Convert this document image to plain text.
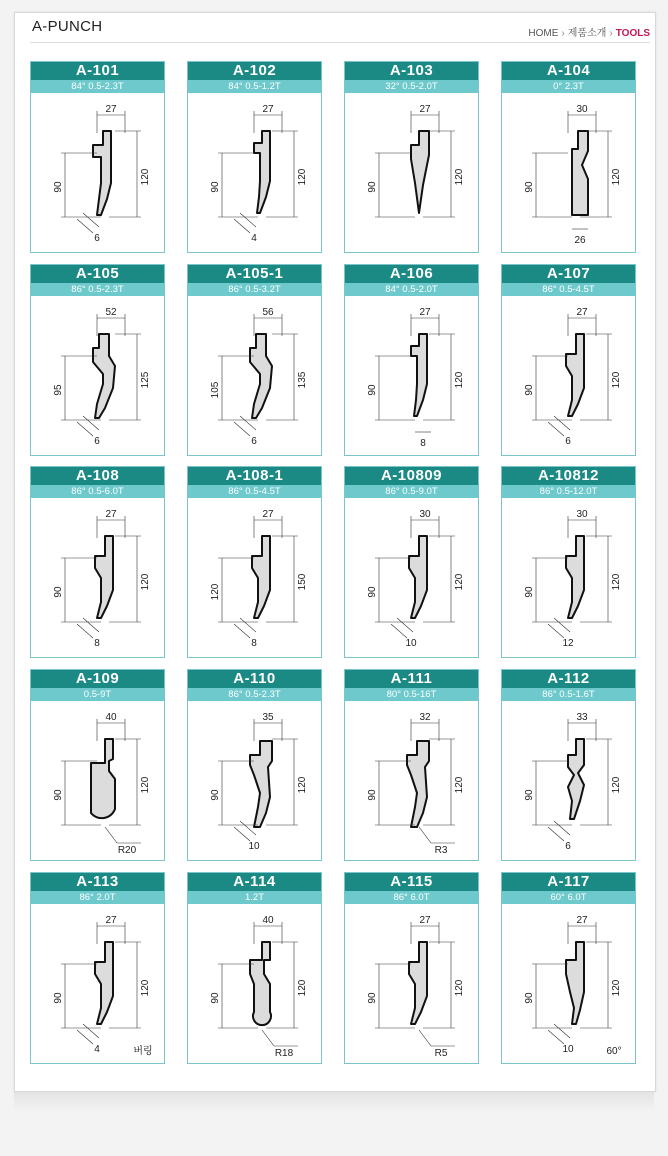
A-PUNCH	HOME › 제품소개 › TOOLS
A-101
84° 0.5-2.3T
27
90
120
6
A-102
84° 0.5-1.2T
27
90
120
4
A-103
32° 0.5-2.0T
27
90
120
A-104
0° 2.3T
30
90
120
26
A-105
86° 0.5-2.3T
52
95
125
6
A-105-1
86° 0.5-3.2T
56
105
135
6
A-106
84° 0.5-2.0T
27
90
120
8
A-107
86° 0.5-4.5T
27
90
120
6
A-108
86° 0.5-6.0T
27
90
120
8
A-108-1
86° 0.5-4.5T
27
120
150
8
A-10809
86° 0.5-9.0T
30
90
120
10
A-10812
86° 0.5-12.0T
30
90
120
12
A-109
0.5-9T
40
90
120
R20
A-110
86° 0.5-2.3T
35
90
120
10
A-111
80° 0.5-16T
32
90
120
R3
A-112
86° 0.5-1.6T
33
90
120
6
A-113
86° 2.0T
27
90
120
4	버링
A-114
1.2T
40
90
120
R18
A-115
86° 6.0T
27
90
120
R5
A-117
60° 6.0T
27
90
120
10	60°
